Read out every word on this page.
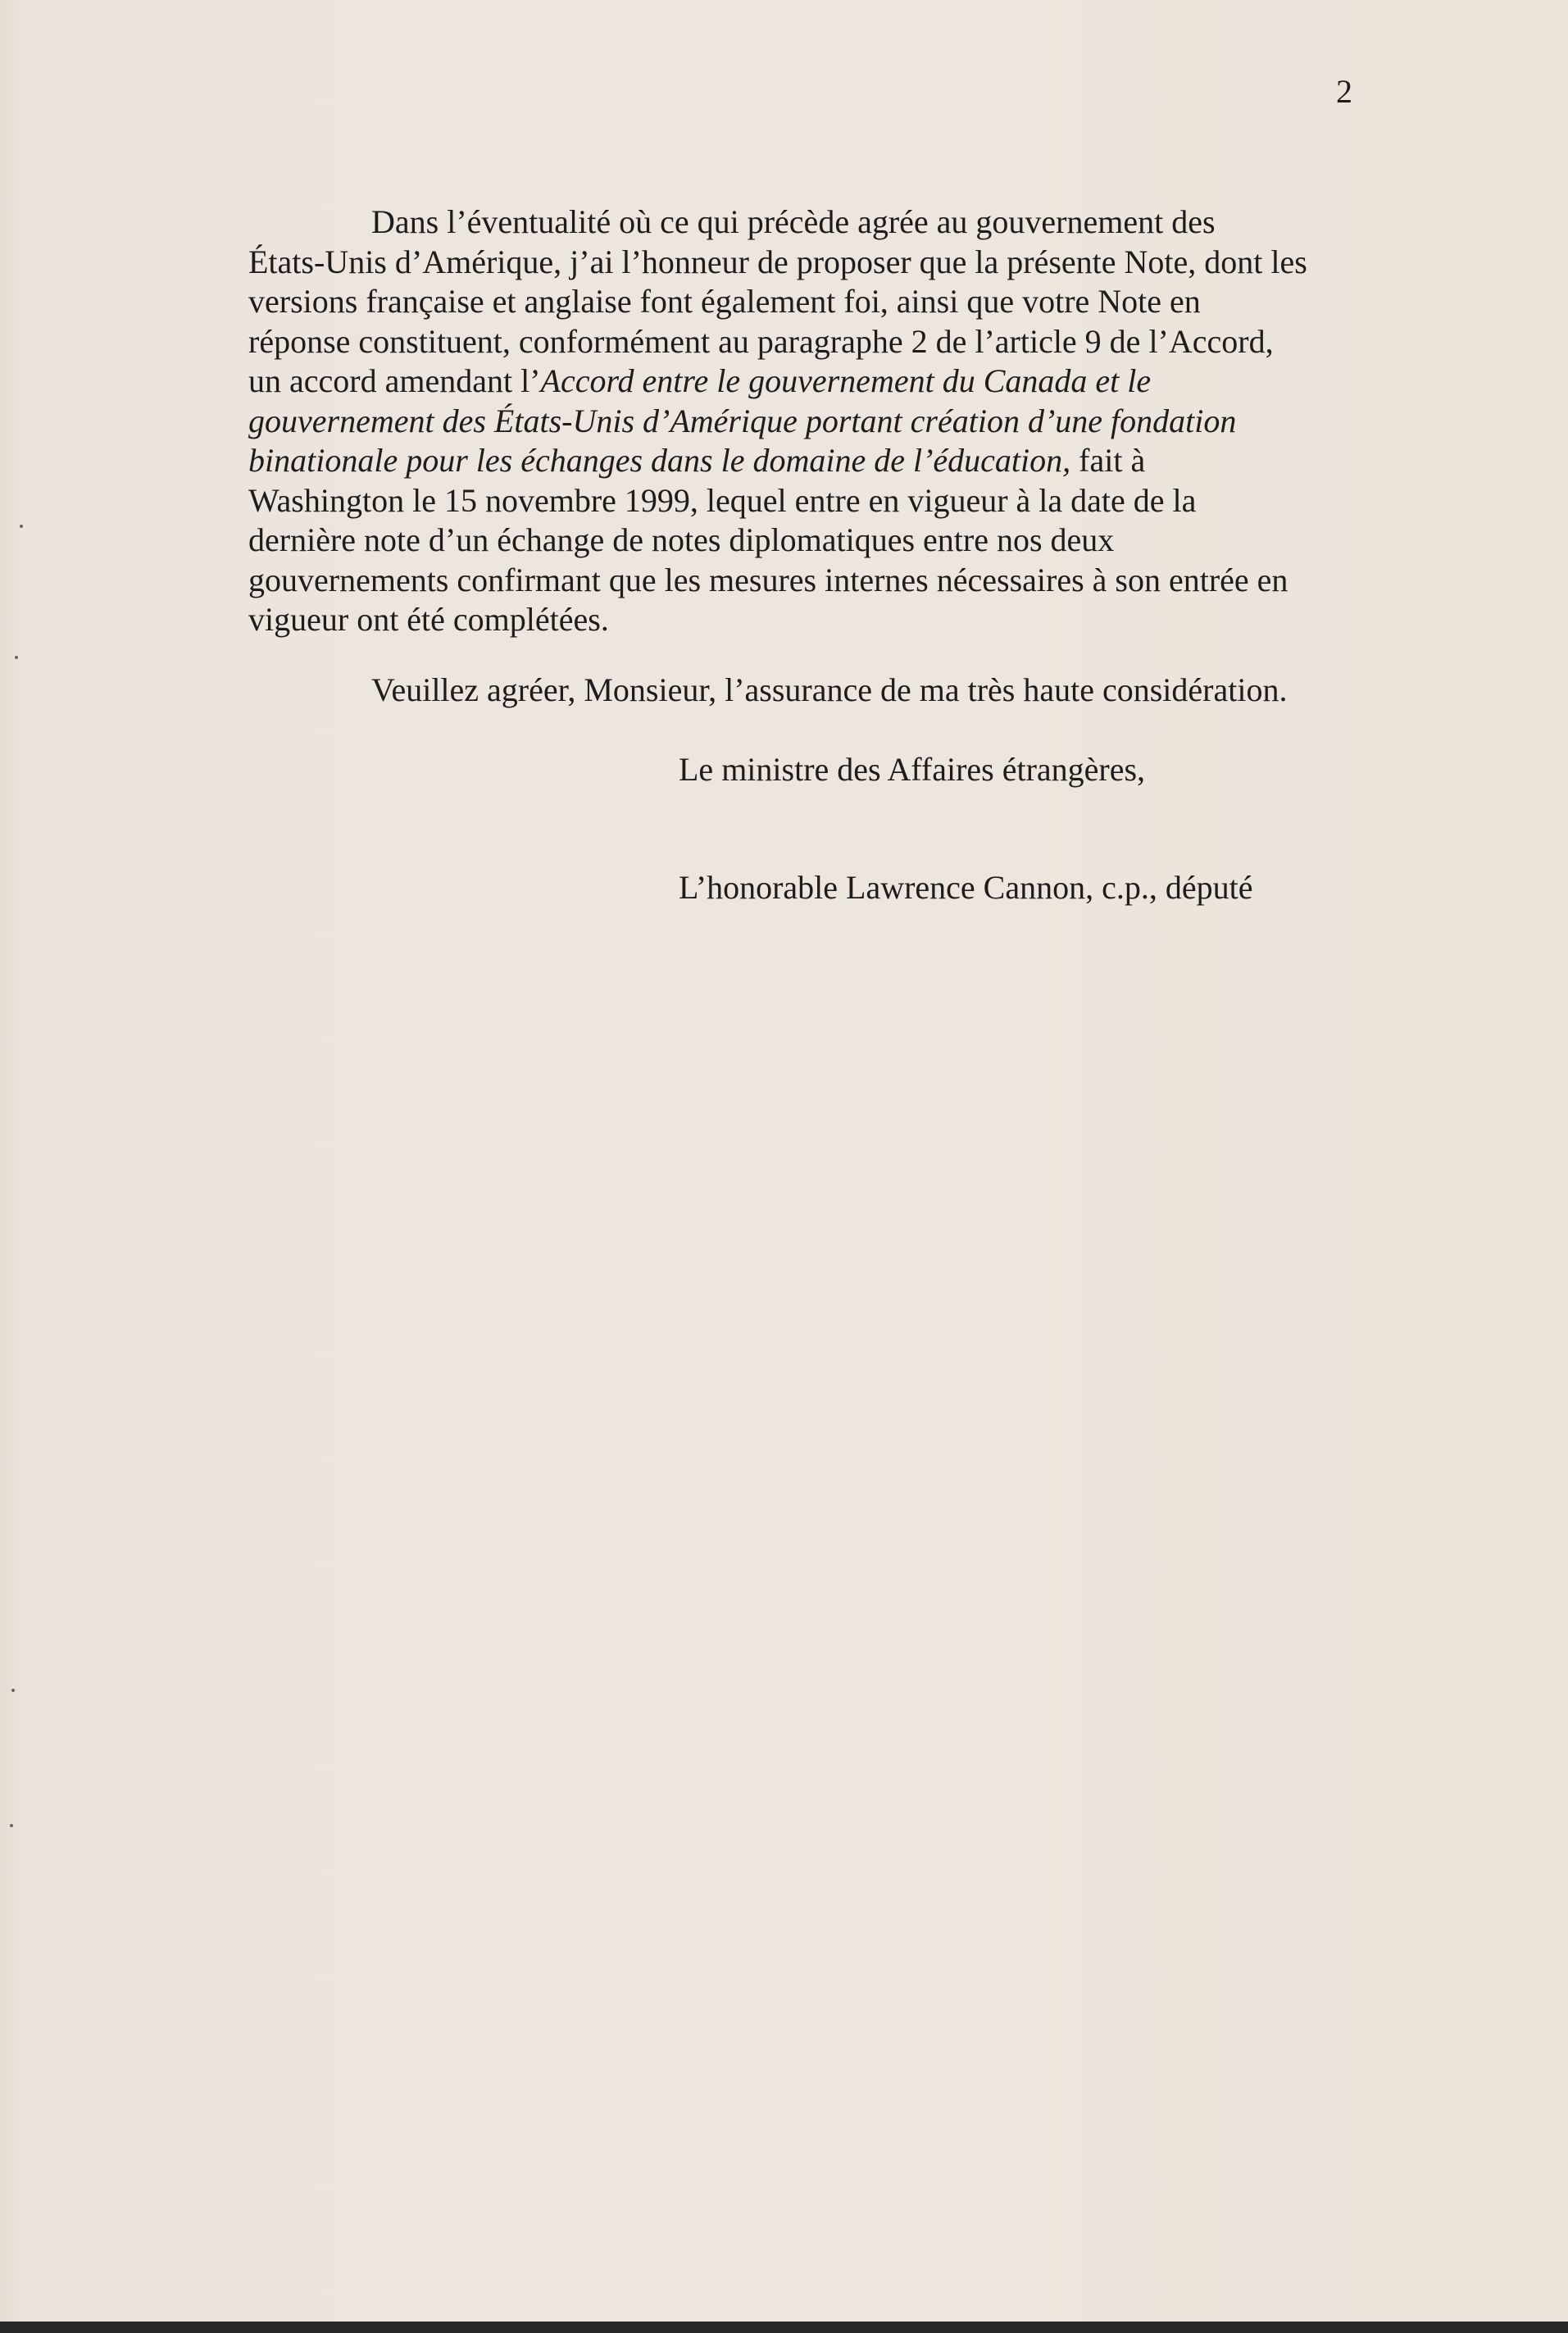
2

Dans l’éventualité où ce qui précède agrée au gouvernement des
États-Unis d’Amérique, j’ai l’honneur de proposer que la présente Note, dont les
versions française et anglaise font également foi, ainsi que votre Note en
réponse constituent, conformément au paragraphe 2 de l’article 9 de l’Accord,
un accord amendant l’Accord entre le gouvernement du Canada et le
gouvernement des États-Unis d’Amérique portant création d’une fondation
binationale pour les échanges dans le domaine de l’éducation, fait à
Washington le 15 novembre 1999, lequel entre en vigueur à la date de la
dernière note d’un échange de notes diplomatiques entre nos deux
gouvernements confirmant que les mesures internes nécessaires à son entrée en
vigueur ont été complétées.

Veuillez agréer, Monsieur, l’assurance de ma très haute considération.

Le ministre des Affaires étrangères,
L’honorable Lawrence Cannon, c.p., député
